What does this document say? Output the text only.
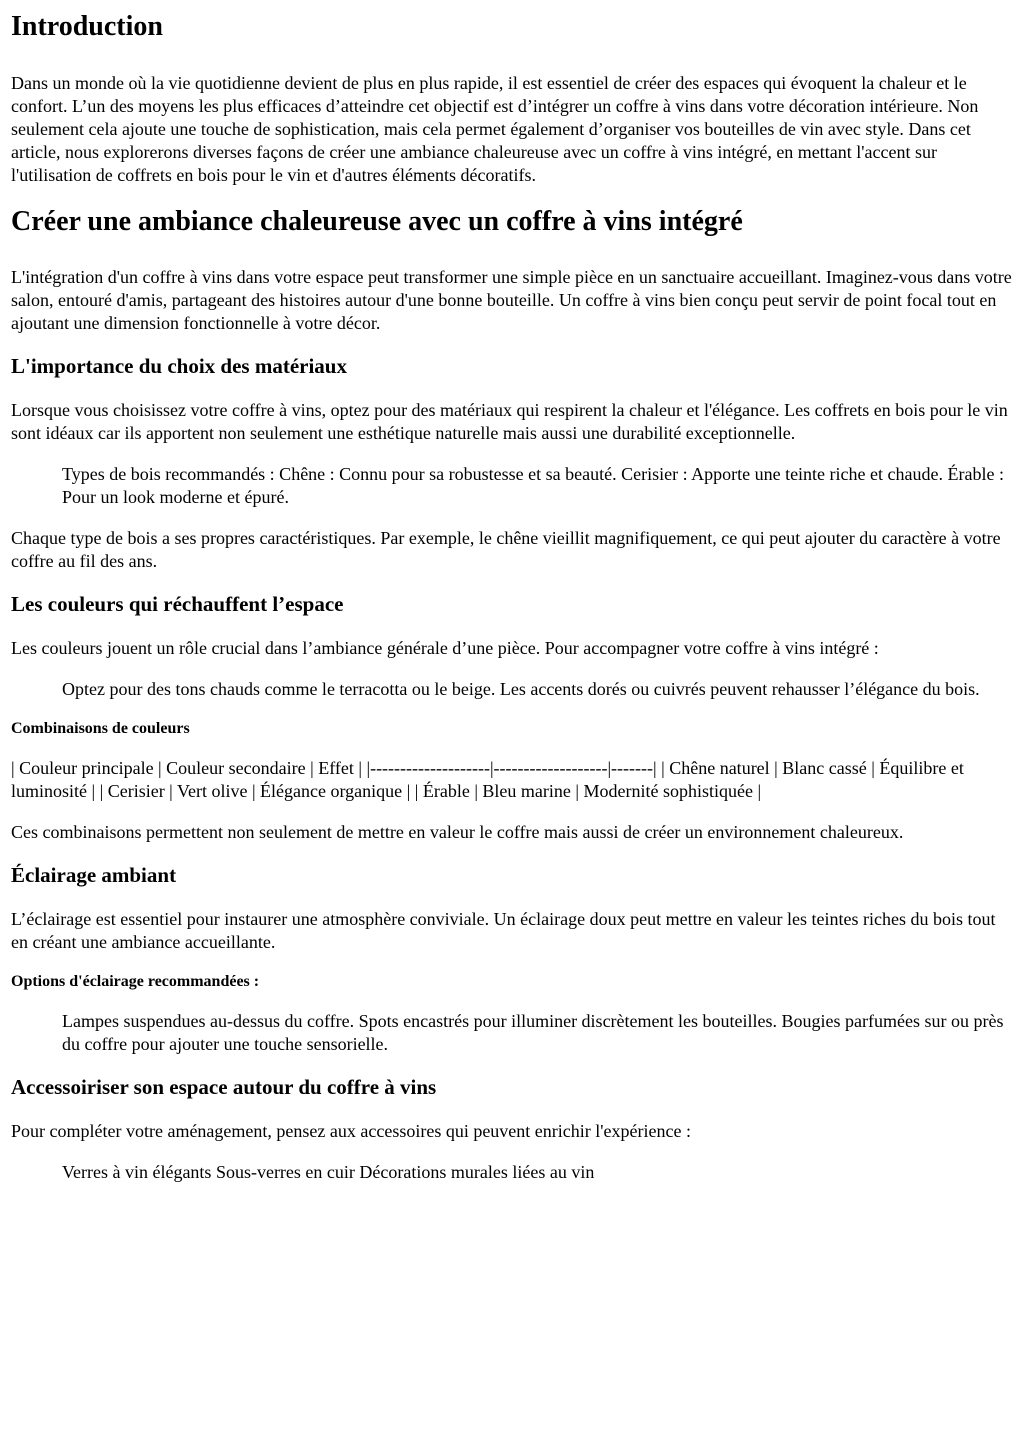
Introduction

Dans un monde où la vie quotidienne devient de plus en plus rapide, il est essentiel de créer des espaces qui évoquent la chaleur et le confort. L’un des moyens les plus efficaces d’atteindre cet objectif est d’intégrer un coffre à vins dans votre décoration intérieure. Non seulement cela ajoute une touche de sophistication, mais cela permet également d’organiser vos bouteilles de vin avec style. Dans cet article, nous explorerons diverses façons de créer une ambiance chaleureuse avec un coffre à vins intégré, en mettant l'accent sur l'utilisation de coffrets en bois pour le vin et d'autres éléments décoratifs.

Créer une ambiance chaleureuse avec un coffre à vins intégré

L'intégration d'un coffre à vins dans votre espace peut transformer une simple pièce en un sanctuaire accueillant. Imaginez-vous dans votre salon, entouré d'amis, partageant des histoires autour d'une bonne bouteille. Un coffre à vins bien conçu peut servir de point focal tout en ajoutant une dimension fonctionnelle à votre décor.

L'importance du choix des matériaux

Lorsque vous choisissez votre coffre à vins, optez pour des matériaux qui respirent la chaleur et l'élégance. Les coffrets en bois pour le vin sont idéaux car ils apportent non seulement une esthétique naturelle mais aussi une durabilité exceptionnelle.

Types de bois recommandés : Chêne : Connu pour sa robustesse et sa beauté. Cerisier : Apporte une teinte riche et chaude. Érable : Pour un look moderne et épuré.

Chaque type de bois a ses propres caractéristiques. Par exemple, le chêne vieillit magnifiquement, ce qui peut ajouter du caractère à votre coffre au fil des ans.

Les couleurs qui réchauffent l’espace

Les couleurs jouent un rôle crucial dans l’ambiance générale d’une pièce. Pour accompagner votre coffre à vins intégré :

Optez pour des tons chauds comme le terracotta ou le beige. Les accents dorés ou cuivrés peuvent rehausser l’élégance du bois.
Combinaisons de couleurs

| Couleur principale | Couleur secondaire | Effet | |--------------------|-------------------|-------| | Chêne naturel | Blanc cassé | Équilibre et luminosité | | Cerisier | Vert olive | Élégance organique | | Érable | Bleu marine | Modernité sophistiquée |

Ces combinaisons permettent non seulement de mettre en valeur le coffre mais aussi de créer un environnement chaleureux.

Éclairage ambiant

L’éclairage est essentiel pour instaurer une atmosphère conviviale. Un éclairage doux peut mettre en valeur les teintes riches du bois tout en créant une ambiance accueillante.

Options d'éclairage recommandées :
Lampes suspendues au-dessus du coffre. Spots encastrés pour illuminer discrètement les bouteilles. Bougies parfumées sur ou près du coffre pour ajouter une touche sensorielle.
Accessoiriser son espace autour du coffre à vins

Pour compléter votre aménagement, pensez aux accessoires qui peuvent enrichir l'expérience :

Verres à vin élégants Sous-verres en cuir Décorations murales liées au vin
